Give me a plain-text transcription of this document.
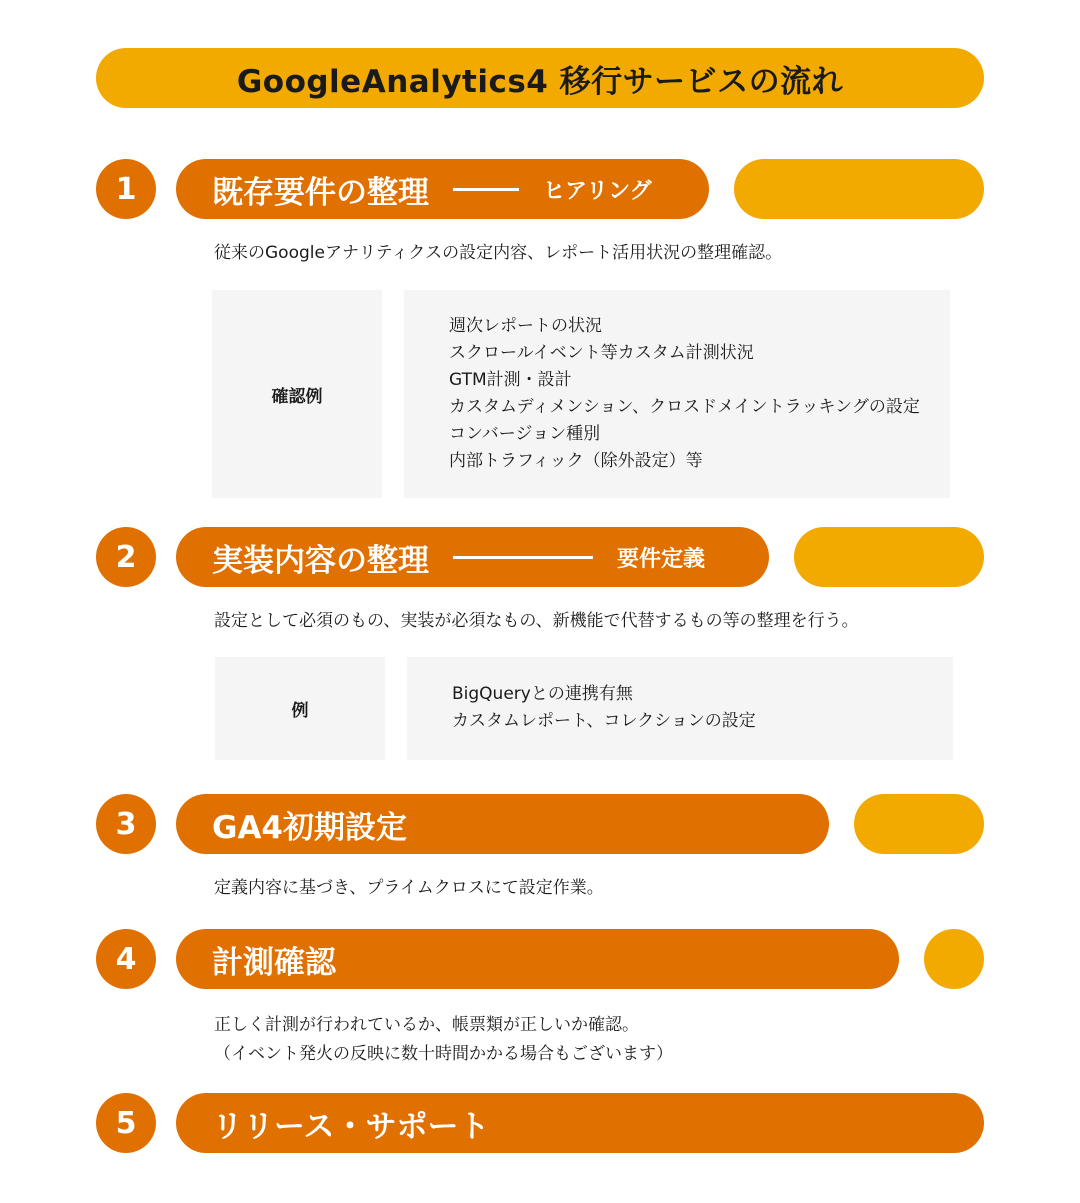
GoogleAnalytics4 移行サービスの流れ
1	既存要件の整理	ヒアリング
従来のGoogleアナリティクスの設定内容、レポート活用状況の整理確認。
確認例
週次レポートの状況
スクロールイベント等カスタム計測状況
GTM計測・設計
カスタムディメンション、クロスドメイントラッキングの設定
コンバージョン種別
内部トラフィック（除外設定）等
2	実装内容の整理	要件定義
設定として必須のもの、実装が必須なもの、新機能で代替するもの等の整理を行う。
例
BigQueryとの連携有無
カスタムレポート、コレクションの設定
3	GA4初期設定
定義内容に基づき、プライムクロスにて設定作業。
4	計測確認
正しく計測が行われているか、帳票類が正しいか確認。
（イベント発火の反映に数十時間かかる場合もございます）
5	リリース・サポート
